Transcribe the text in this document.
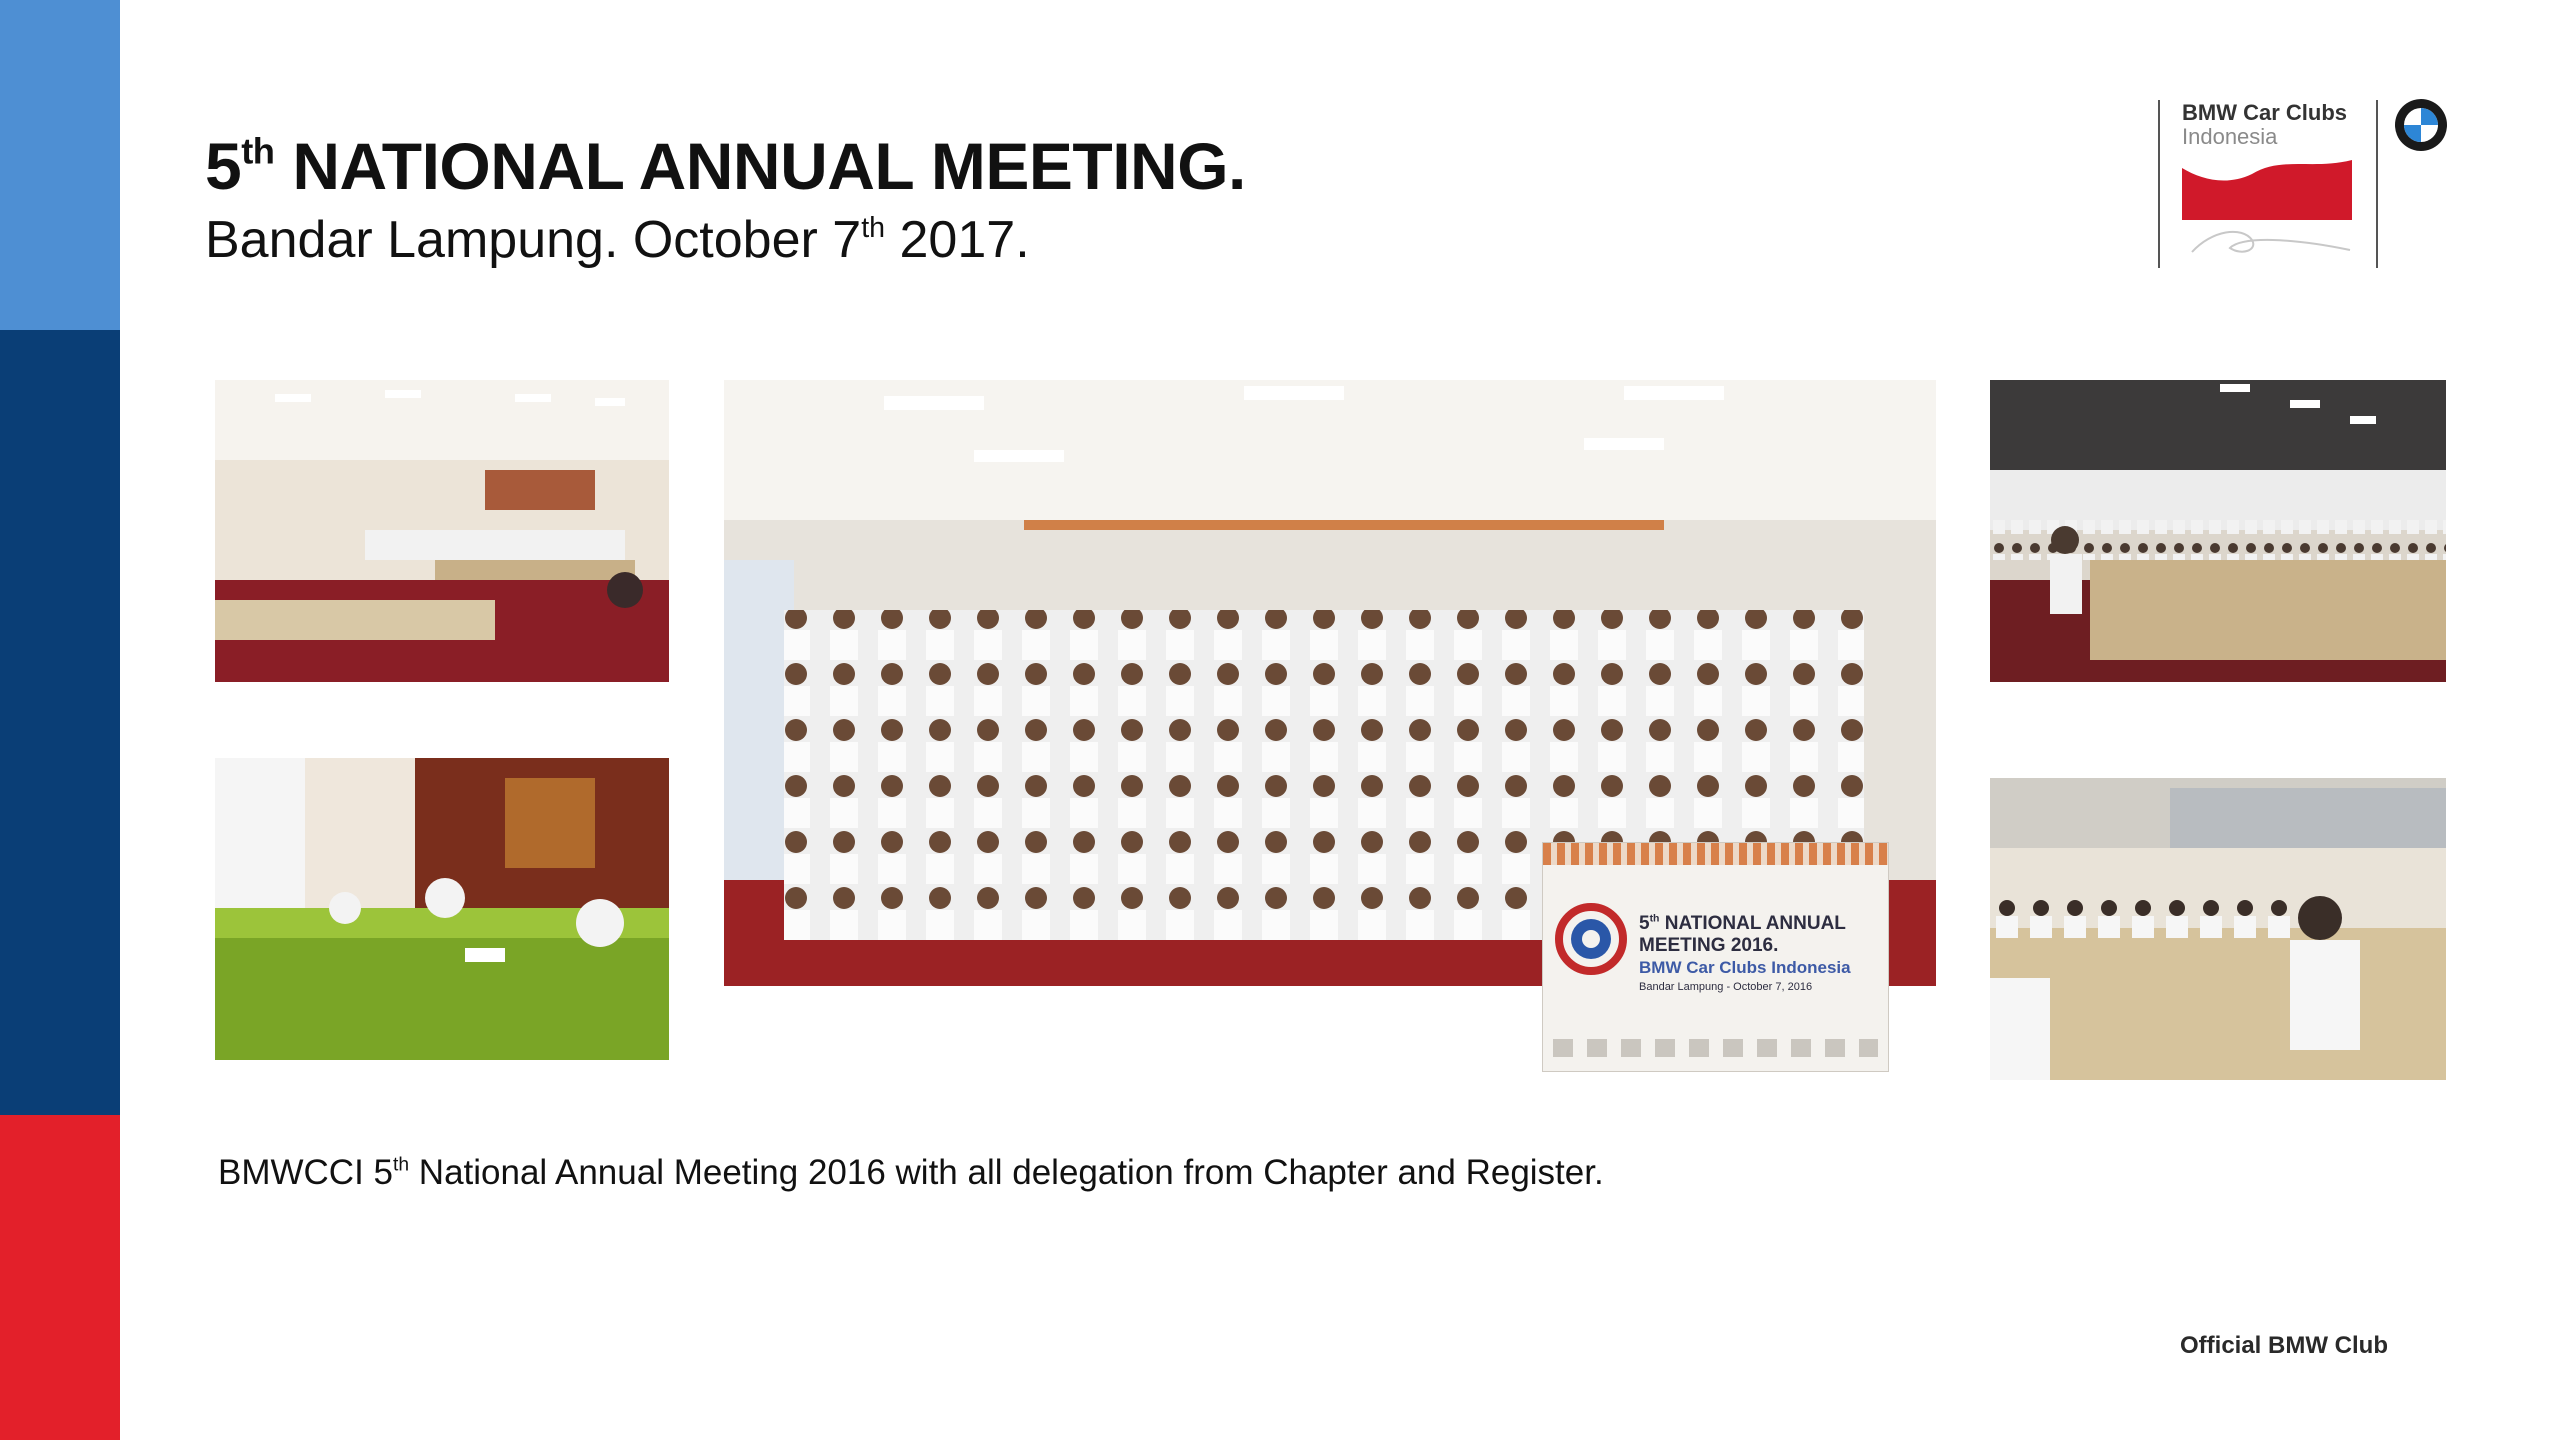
5th NATIONAL ANNUAL MEETING.
Bandar Lampung. October 7th 2017.
BMW Car Clubs
Indonesia
5th NATIONAL ANNUAL
MEETING 2016.
BMW Car Clubs Indonesia
Bandar Lampung - October 7, 2016

BMWCCI 5th National Annual Meeting 2016 with all delegation from Chapter and Register.

Official BMW Club
